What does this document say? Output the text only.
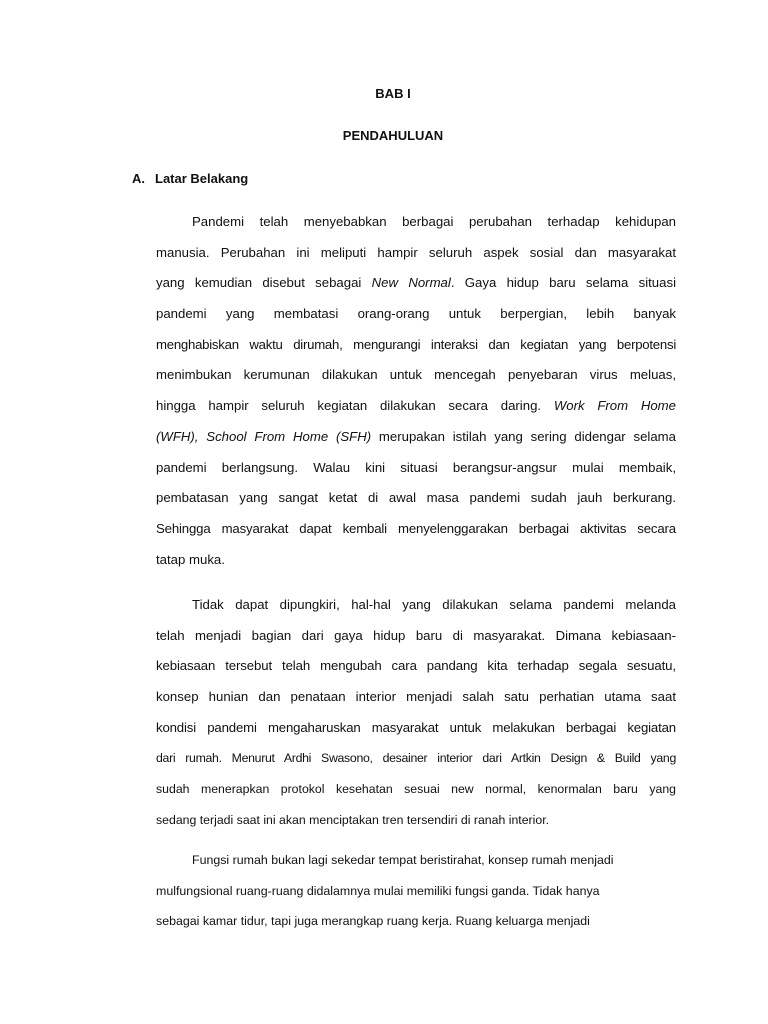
BAB I
PENDAHULUAN
A. Latar Belakang
Pandemi telah menyebabkan berbagai perubahan terhadap kehidupan
manusia. Perubahan ini meliputi hampir seluruh aspek sosial dan masyarakat
yang kemudian disebut sebagai New Normal. Gaya hidup baru selama situasi
pandemi yang membatasi orang-orang untuk berpergian, lebih banyak
menghabiskan waktu dirumah, mengurangi interaksi dan kegiatan yang berpotensi
menimbukan kerumunan dilakukan untuk mencegah penyebaran virus meluas,
hingga hampir seluruh kegiatan dilakukan secara daring. Work From Home
(WFH), School From Home (SFH) merupakan istilah yang sering didengar selama
pandemi berlangsung. Walau kini situasi berangsur-angsur mulai membaik,
pembatasan yang sangat ketat di awal masa pandemi sudah jauh berkurang.
Sehingga masyarakat dapat kembali menyelenggarakan berbagai aktivitas secara
tatap muka.
Tidak dapat dipungkiri, hal-hal yang dilakukan selama pandemi melanda
telah menjadi bagian dari gaya hidup baru di masyarakat. Dimana kebiasaan-
kebiasaan tersebut telah mengubah cara pandang kita terhadap segala sesuatu,
konsep hunian dan penataan interior menjadi salah satu perhatian utama saat
kondisi pandemi mengaharuskan masyarakat untuk melakukan berbagai kegiatan
dari rumah. Menurut Ardhi Swasono, desainer interior dari Artkin Design & Build yang
sudah menerapkan protokol kesehatan sesuai new normal, kenormalan baru yang
sedang terjadi saat ini akan menciptakan tren tersendiri di ranah interior.
Fungsi rumah bukan lagi sekedar tempat beristirahat, konsep rumah menjadi
mulfungsional ruang-ruang didalamnya mulai memiliki fungsi ganda. Tidak hanya
sebagai kamar tidur, tapi juga merangkap ruang kerja. Ruang keluarga menjadi
